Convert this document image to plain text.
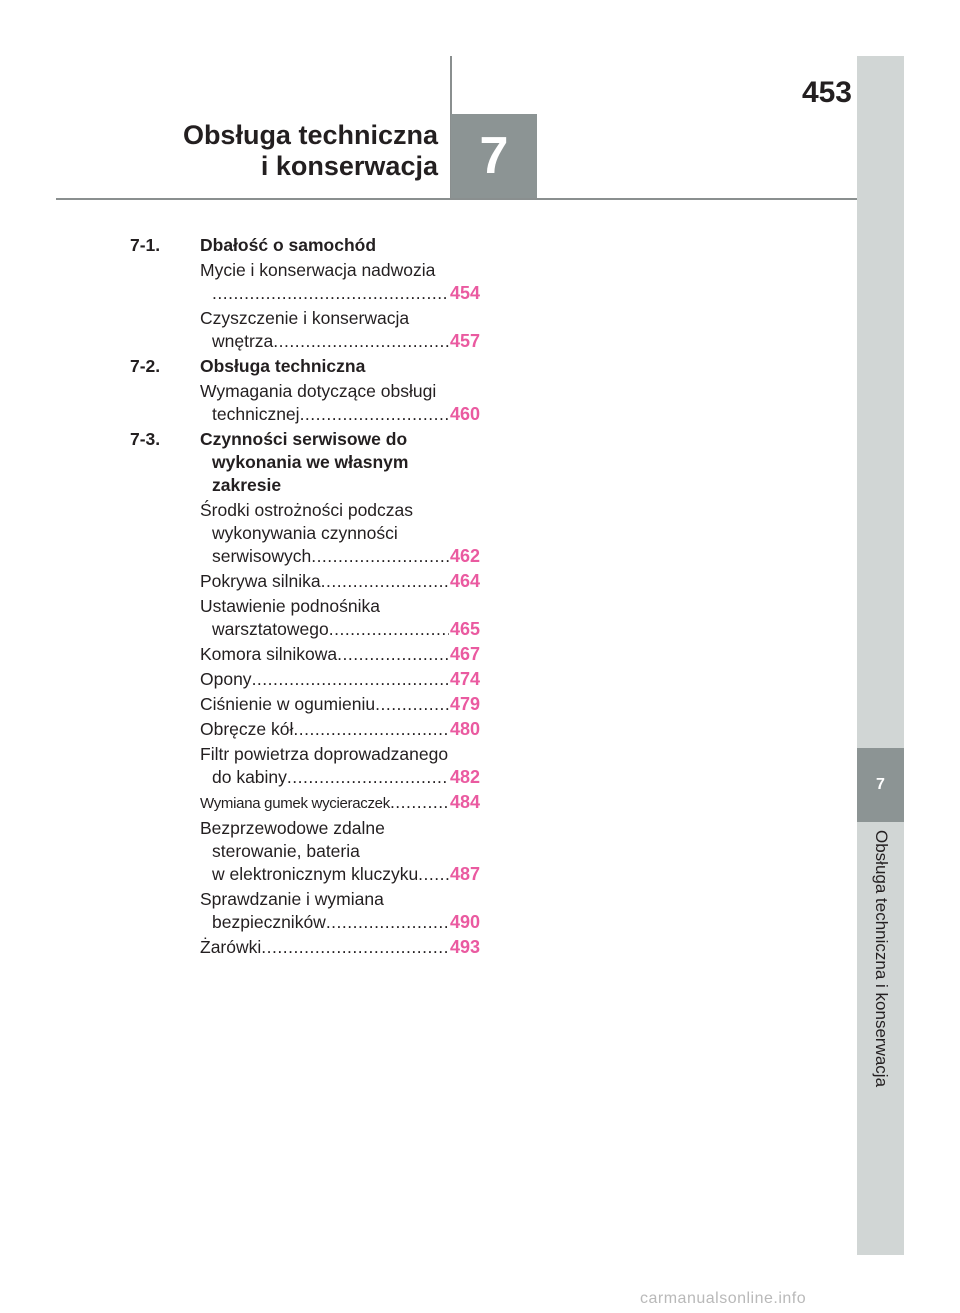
453
Obsługa techniczna
i konserwacja 7
7
Obsługa techniczna i konserwacja
7-1. Dbałość o samochód
Mycie i konserwacja nadwozia
.....
454
Czyszczenie i konserwacja
wnętrza .....	457
7-2. Obsługa techniczna
Wymagania dotyczące obsługi
technicznej .....	460
7-3. Czynności serwisowe do
wykonania we własnym
zakresie
Środki ostrożności podczas
wykonywania czynności
serwisowych .....	462
Pokrywa silnika .....	464
Ustawienie podnośnika
warsztatowego .....	465
Komora silnikowa .....	467
Opony .....	474
Ciśnienie w ogumieniu .....	479
Obręcze kół .....	480
Filtr powietrza doprowadzanego
do kabiny .....	482
Wymiana gumek wycieraczek .....	484
Bezprzewodowe zdalne
sterowanie, bateria
w elektronicznym kluczyku ..... 487
Sprawdzanie i wymiana
bezpieczników .....	490
Żarówki .....	493
carmanualsonline.info
